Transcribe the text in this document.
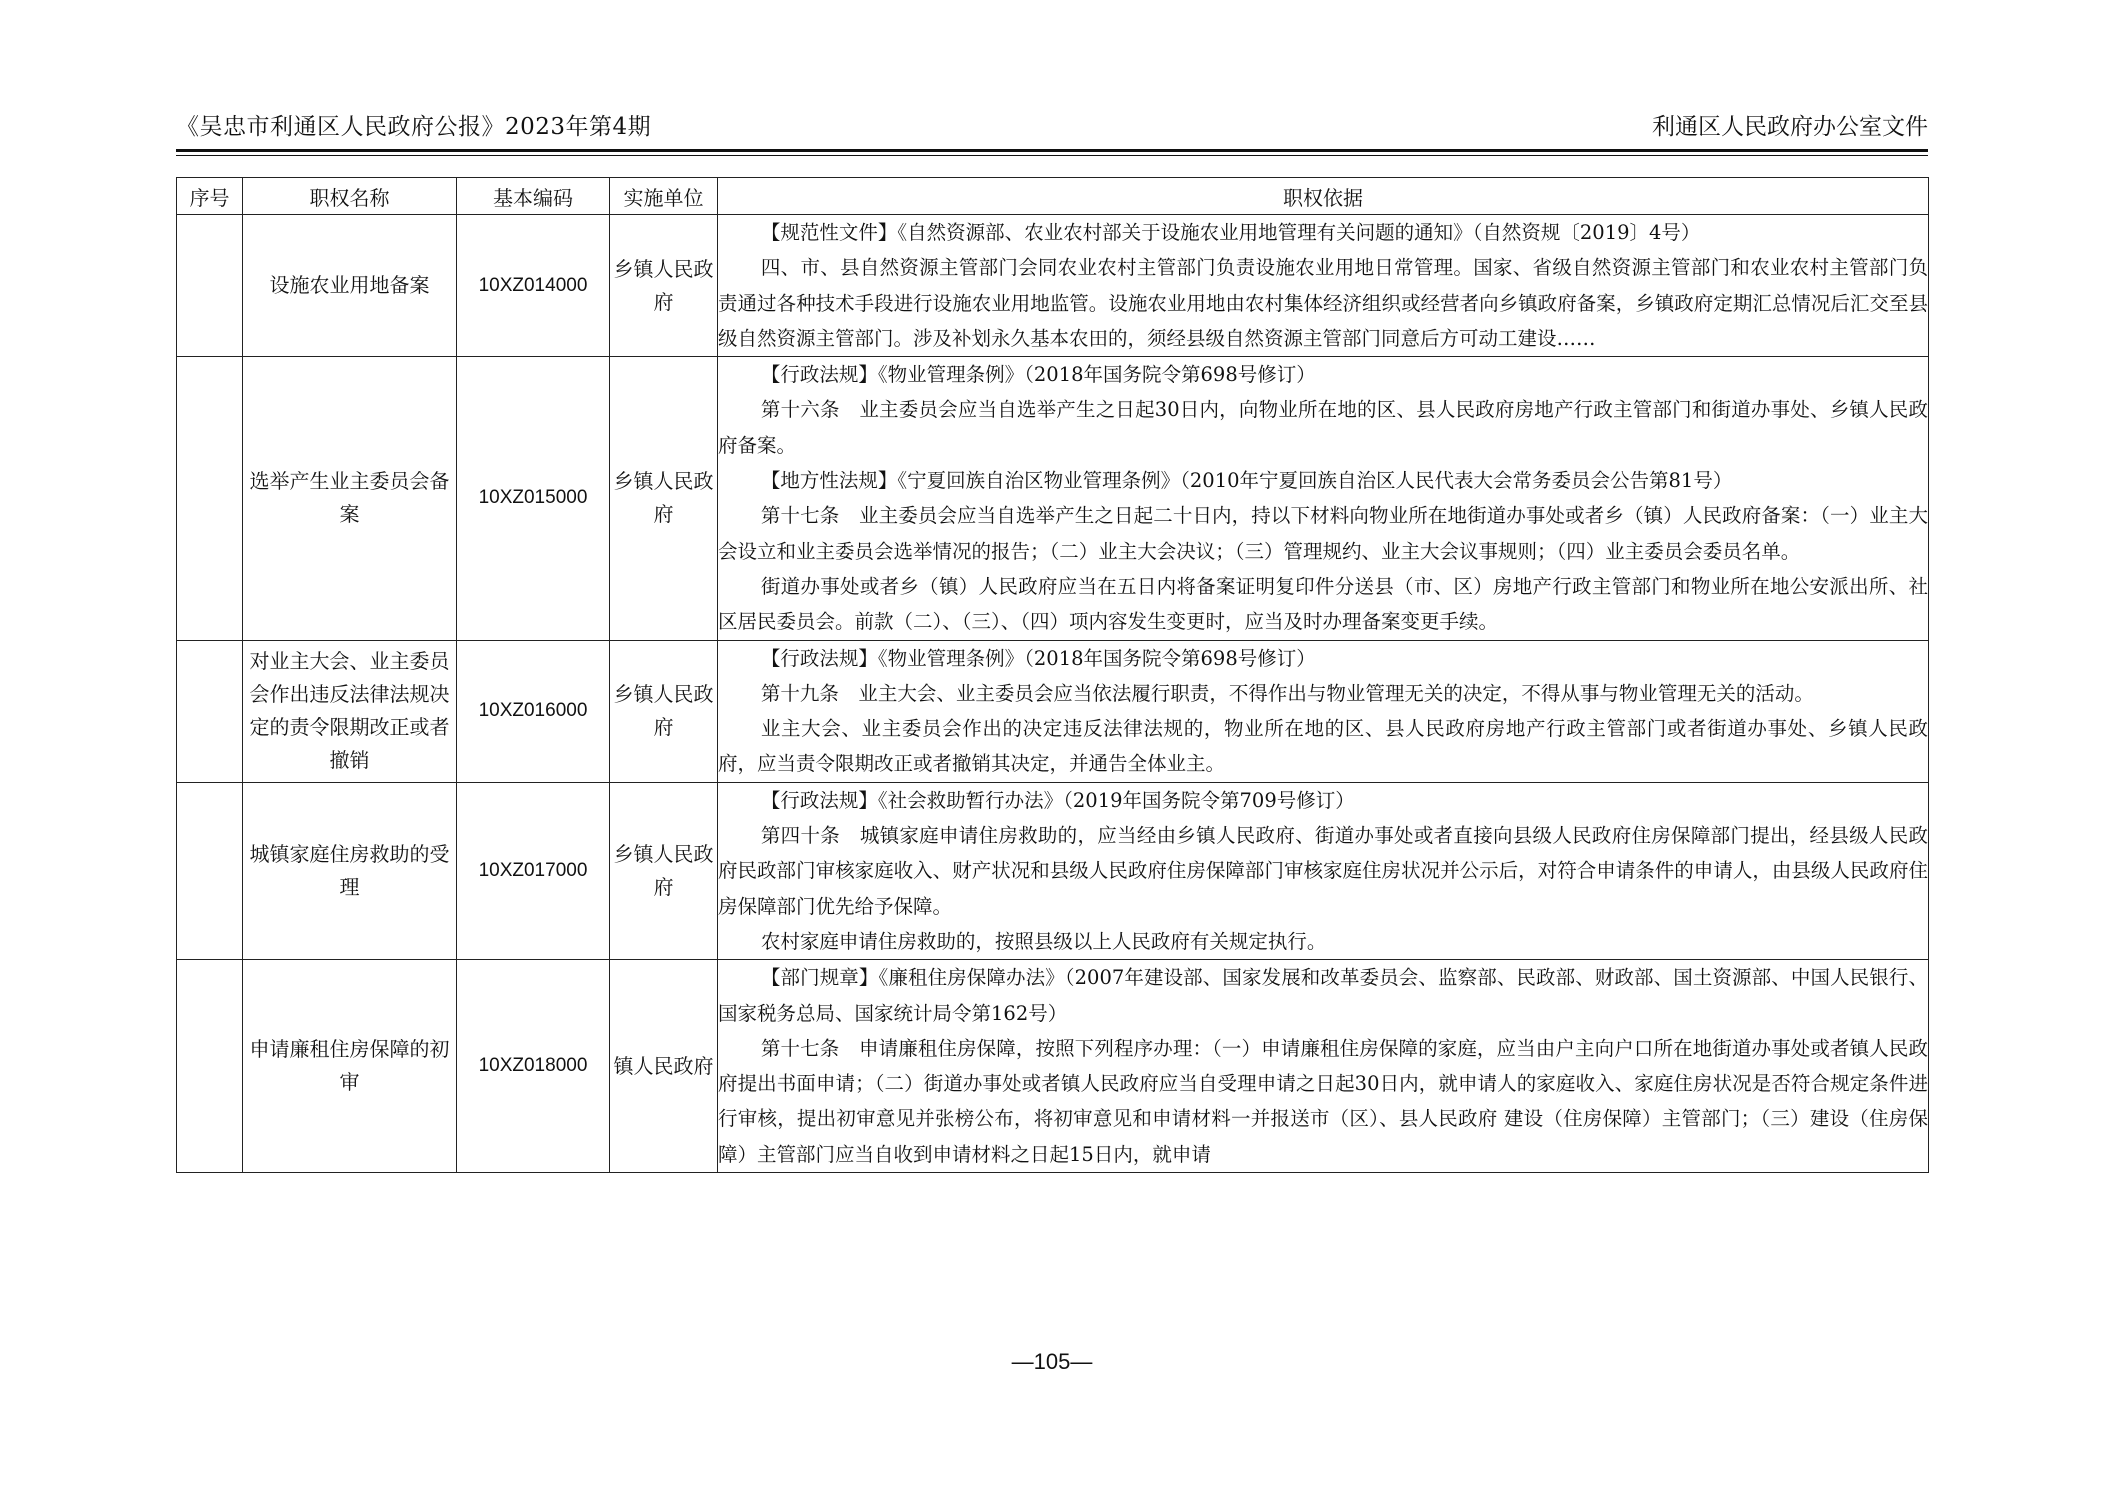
《吴忠市利通区人民政府公报》2023年第4期	利通区人民政府办公室文件
序号	职权名称	基本编码	实施单位	职权依据
	设施农业用地备案	10XZ014000	乡镇人民政府	【规范性文件】《自然资源部、农业农村部关于设施农业用地管理有关问题的通知》（自然资规〔2019〕4号）

四、市、县自然资源主管部门会同农业农村主管部门负责设施农业用地日常管理。国家、省级自然资源主管部门和农业农村主管部门负责通过各种技术手段进行设施农业用地监管。设施农业用地由农村集体经济组织或经营者向乡镇政府备案，乡镇政府定期汇总情况后汇交至县级自然资源主管部门。涉及补划永久基本农田的，须经县级自然资源主管部门同意后方可动工建设……

	选举产生业主委员会备案	10XZ015000	乡镇人民政府	【行政法规】《物业管理条例》（2018年国务院令第698号修订）

第十六条　业主委员会应当自选举产生之日起30日内，向物业所在地的区、县人民政府房地产行政主管部门和街道办事处、乡镇人民政府备案。

【地方性法规】《宁夏回族自治区物业管理条例》（2010年宁夏回族自治区人民代表大会常务委员会公告第81号）

第十七条　业主委员会应当自选举产生之日起二十日内，持以下材料向物业所在地街道办事处或者乡（镇）人民政府备案：（一）业主大会设立和业主委员会选举情况的报告；（二）业主大会决议；（三）管理规约、业主大会议事规则；（四）业主委员会委员名单。

街道办事处或者乡（镇）人民政府应当在五日内将备案证明复印件分送县（市、区）房地产行政主管部门和物业所在地公安派出所、社区居民委员会。前款（二）、（三）、（四）项内容发生变更时，应当及时办理备案变更手续。

	对业主大会、业主委员会作出违反法律法规决定的责令限期改正或者撤销	10XZ016000	乡镇人民政府	【行政法规】《物业管理条例》（2018年国务院令第698号修订）

第十九条　业主大会、业主委员会应当依法履行职责，不得作出与物业管理无关的决定，不得从事与物业管理无关的活动。

业主大会、业主委员会作出的决定违反法律法规的，物业所在地的区、县人民政府房地产行政主管部门或者街道办事处、乡镇人民政府，应当责令限期改正或者撤销其决定，并通告全体业主。

	城镇家庭住房救助的受理	10XZ017000	乡镇人民政府	【行政法规】《社会救助暂行办法》（2019年国务院令第709号修订）

第四十条　城镇家庭申请住房救助的，应当经由乡镇人民政府、街道办事处或者直接向县级人民政府住房保障部门提出，经县级人民政府民政部门审核家庭收入、财产状况和县级人民政府住房保障部门审核家庭住房状况并公示后，对符合申请条件的申请人，由县级人民政府住房保障部门优先给予保障。

农村家庭申请住房救助的，按照县级以上人民政府有关规定执行。

	申请廉租住房保障的初审	10XZ018000	镇人民政府	【部门规章】《廉租住房保障办法》（2007年建设部、国家发展和改革委员会、监察部、民政部、财政部、国土资源部、中国人民银行、国家税务总局、国家统计局令第162号）

第十七条　申请廉租住房保障，按照下列程序办理：（一）申请廉租住房保障的家庭，应当由户主向户口所在地街道办事处或者镇人民政府提出书面申请；（二）街道办事处或者镇人民政府应当自受理申请之日起30日内，就申请人的家庭收入、家庭住房状况是否符合规定条件进行审核，提出初审意见并张榜公布，将初审意见和申请材料一并报送市（区）、县人民政府 建设（住房保障）主管部门；（三）建设（住房保障）主管部门应当自收到申请材料之日起15日内，就申请

—105—
